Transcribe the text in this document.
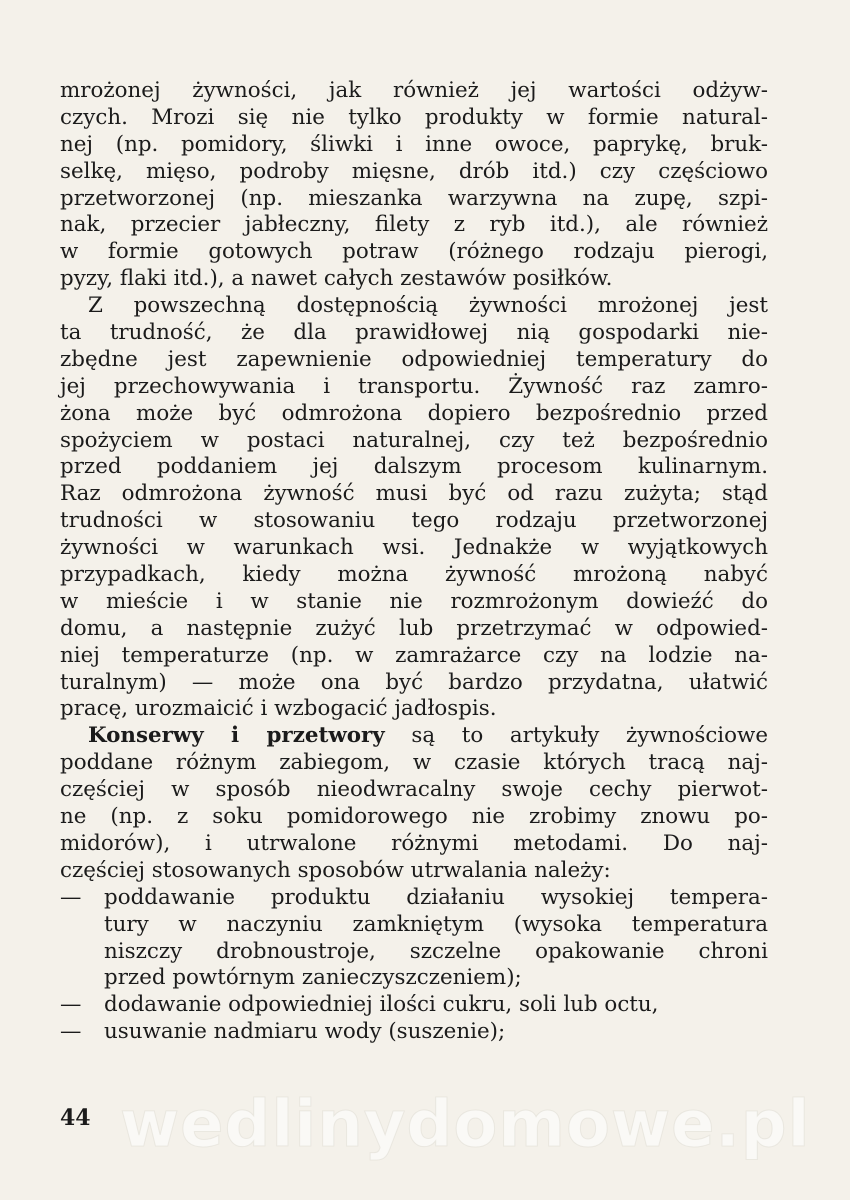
mrożonej żywności, jak również jej wartości odżyw-
czych. Mrozi się nie tylko produkty w formie natural-
nej (np. pomidory, śliwki i inne owoce, paprykę, bruk-
selkę, mięso, podroby mięsne, drób itd.) czy częściowo
przetworzonej (np. mieszanka warzywna na zupę, szpi-
nak, przecier jabłeczny, filety z ryb itd.), ale również
w formie gotowych potraw (różnego rodzaju pierogi,
pyzy, flaki itd.), a nawet całych zestawów posiłków.
Z powszechną dostępnością żywności mrożonej jest
ta trudność, że dla prawidłowej nią gospodarki nie-
zbędne jest zapewnienie odpowiedniej temperatury do
jej przechowywania i transportu. Żywność raz zamro-
żona może być odmrożona dopiero bezpośrednio przed
spożyciem w postaci naturalnej, czy też bezpośrednio
przed poddaniem jej dalszym procesom kulinarnym.
Raz odmrożona żywność musi być od razu zużyta; stąd
trudności w stosowaniu tego rodzaju przetworzonej
żywności w warunkach wsi. Jednakże w wyjątkowych
przypadkach, kiedy można żywność mrożoną nabyć
w mieście i w stanie nie rozmrożonym dowieźć do
domu, a następnie zużyć lub przetrzymać w odpowied-
niej temperaturze (np. w zamrażarce czy na lodzie na-
turalnym) — może ona być bardzo przydatna, ułatwić
pracę, urozmaicić i wzbogacić jadłospis.
Konserwy i przetwory są to artykuły żywnościowe
poddane różnym zabiegom, w czasie których tracą naj-
częściej w sposób nieodwracalny swoje cechy pierwot-
ne (np. z soku pomidorowego nie zrobimy znowu po-
midorów), i utrwalone różnymi metodami. Do naj-
częściej stosowanych sposobów utrwalania należy:
— poddawanie produktu działaniu wysokiej tempera-
tury w naczyniu zamkniętym (wysoka temperatura
niszczy drobnoustroje, szczelne opakowanie chroni
przed powtórnym zanieczyszczeniem);
— dodawanie odpowiedniej ilości cukru, soli lub octu,
— usuwanie nadmiaru wody (suszenie);
wedlinydomowe.pl
44
